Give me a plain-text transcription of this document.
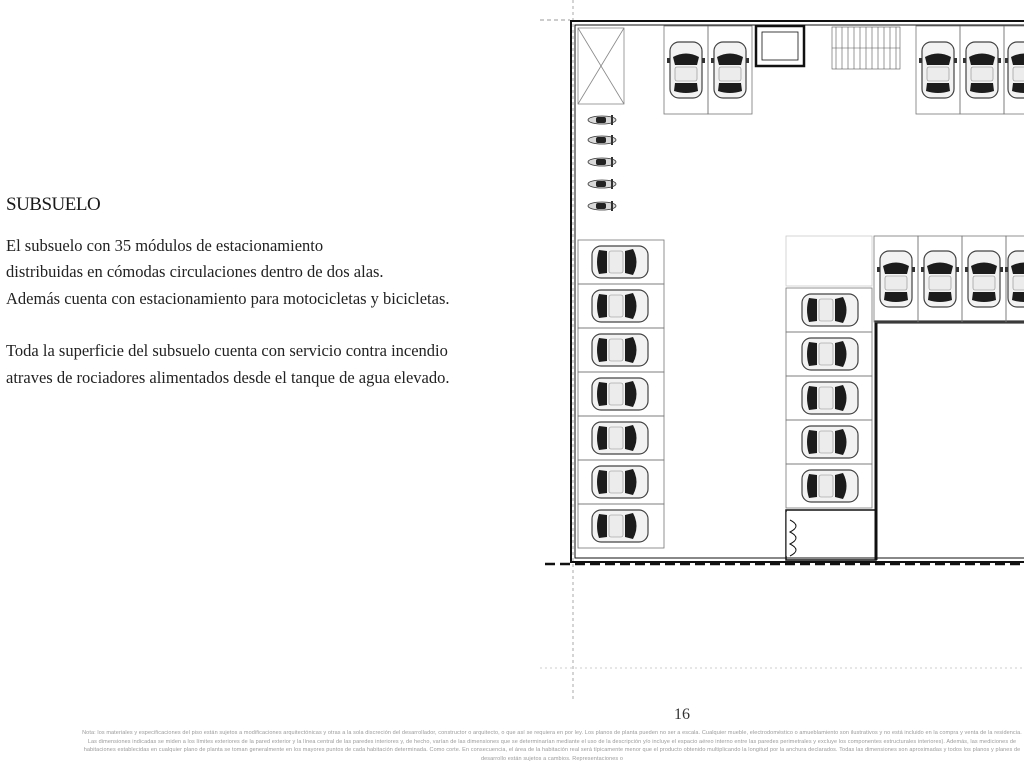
SUBSUELO

El subsuelo con 35 módulos de estacionamiento
distribuidas en cómodas circulaciones dentro de dos alas.
Además cuenta con estacionamiento para motocicletas y bicicletas.

Toda la superficie del subsuelo cuenta con servicio contra incendio
atraves de rociadores alimentados desde el tanque de agua elevado.

16
Nota: los materiales y especificaciones del piso están sujetos a modificaciones arquitectónicas y otras a la sola discreción del desarrollador, constructor o arquitecto, o que así se requiera en por ley. Los planos de planta pueden no ser a escala. Cualquier mueble, electrodoméstico o amueblamiento son ilustrativos y no está incluido en la compra y venta de la residencia. Las dimensiones indicadas se miden a los límites exteriores de la pared exterior y la línea central de las paredes interiores y, de hecho, varían de las dimensiones que se determinarían mediante el uso de la descripción y/o incluye el espacio aéreo interno entre las paredes perimetrales y excluye los componentes estructurales interiores). Además, las mediciones de habitaciones establecidas en cualquier plano de planta se toman generalmente en los mayores puntos de cada habitación determinada. Como corte. En consecuencia, el área de la habitación real será típicamente menor que el producto obtenido multiplicando la longitud por la anchura declarados. Todas las dimensiones son aproximadas y todos los planos y planes de desarrollo están sujetos a cambios. Representaciones o
